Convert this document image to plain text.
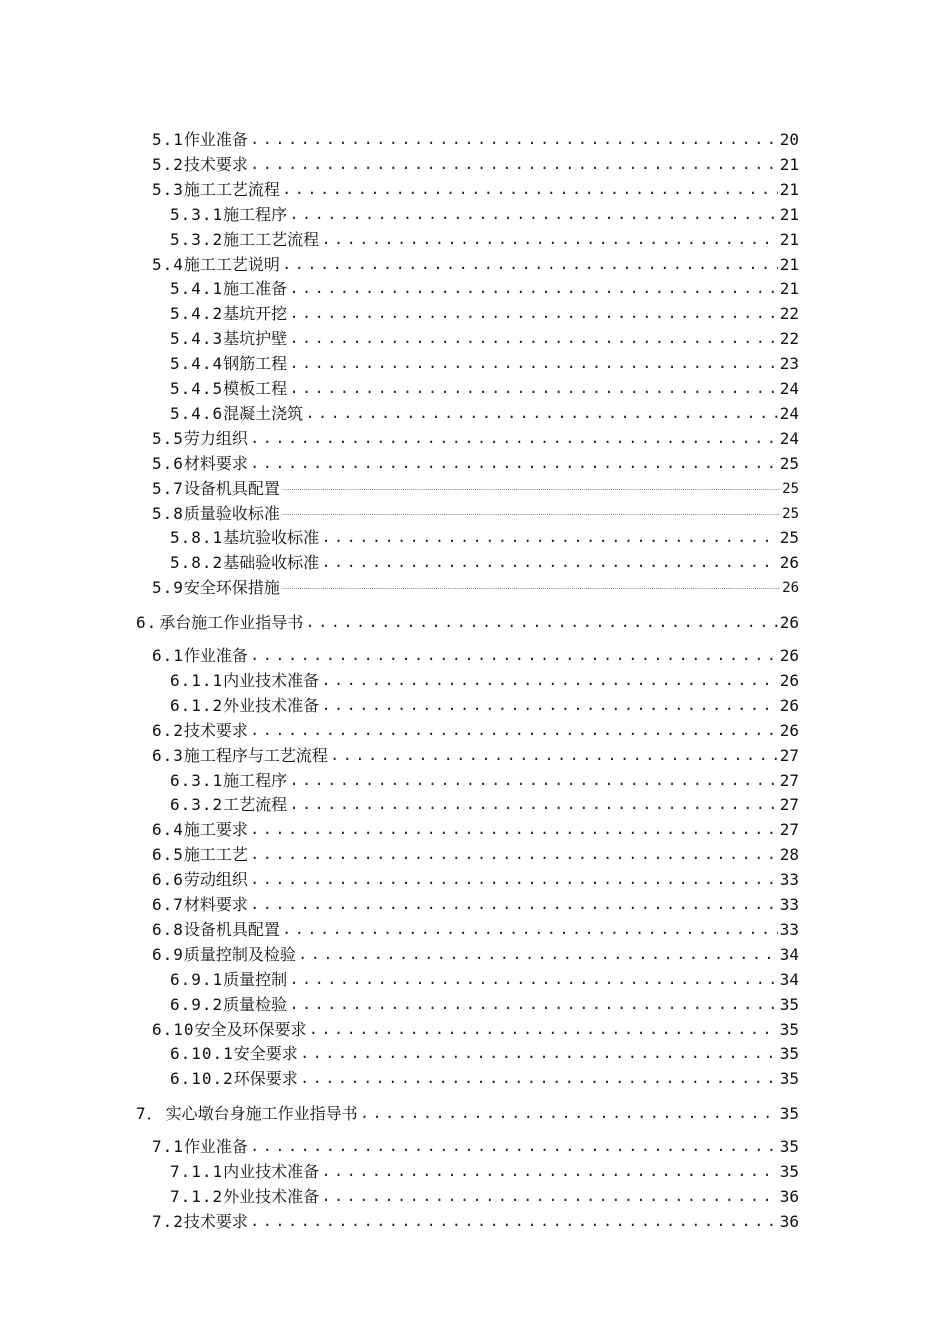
5.1作业准备 .....	20
5.2技术要求 .....	21
5.3施工工艺流程 .....	21
5.3.1施工程序 .....	21
5.3.2施工工艺流程 .....	21
5.4施工工艺说明 .....	21
5.4.1施工准备 .....	21
5.4.2基坑开挖 .....	22
5.4.3基坑护壁 .....	22
5.4.4钢筋工程 .....	23
5.4.5模板工程 .....	24
5.4.6混凝土浇筑 .....	24
5.5劳力组织 .....	24
5.6材料要求 .....	25
5.7设备机具配置 .....	25
5.8质量验收标准 .....	25
5.8.1基坑验收标准 .....	25
5.8.2基础验收标准 .....	26
5.9安全环保措施 .....	26
6. 承台施工作业指导书 .....	26
6.1作业准备 .....	26
6.1.1内业技术准备 .....	26
6.1.2外业技术准备 .....	26
6.2技术要求 .....	26
6.3施工程序与工艺流程 .....	27
6.3.1施工程序 .....	27
6.3.2工艺流程 .....	27
6.4施工要求 .....	27
6.5施工工艺 .....	28
6.6劳动组织 .....	33
6.7材料要求 .....	33
6.8设备机具配置 .....	33
6.9质量控制及检验 .....	34
6.9.1质量控制 .....	34
6.9.2质量检验 .....	35
6.10安全及环保要求 .....	35
6.10.1安全要求 .....	35
6.10.2环保要求 .....	35
7． 实心墩台身施工作业指导书 .....	35
7.1作业准备 .....	35
7.1.1内业技术准备 .....	35
7.1.2外业技术准备 .....	36
7.2技术要求 .....	36
